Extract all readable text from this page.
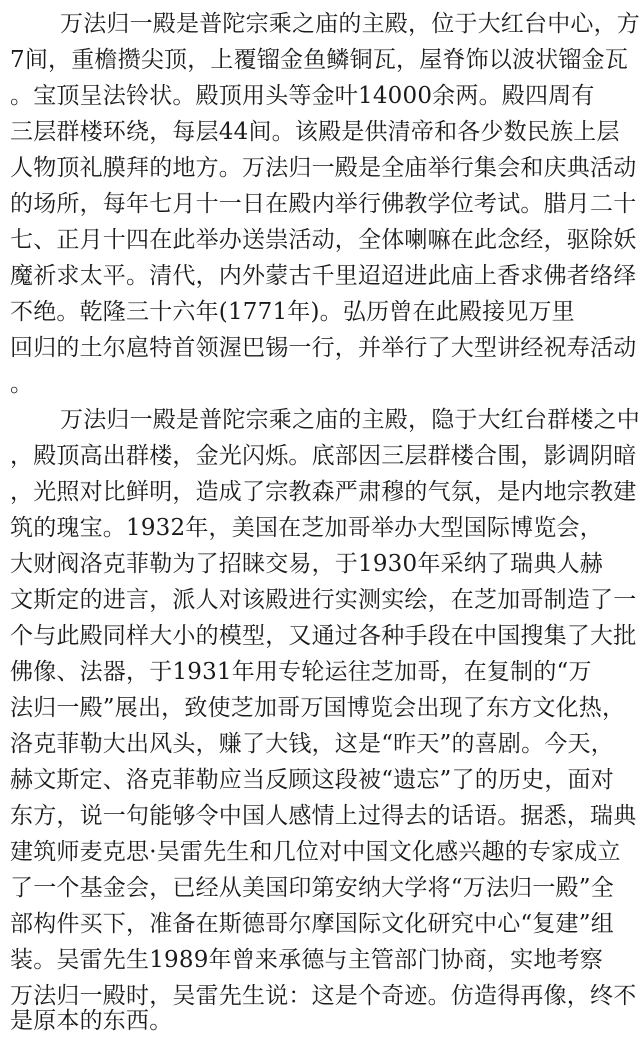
万法归一殿是普陀宗乘之庙的主殿，位于大红台中心，方
7间，重檐攒尖顶，上覆镏金鱼鳞铜瓦，屋脊饰以波状镏金瓦
。宝顶呈法铃状。殿顶用头等金叶14000余两。殿四周有
三层群楼环绕，每层44间。该殿是供清帝和各少数民族上层
人物顶礼膜拜的地方。万法归一殿是全庙举行集会和庆典活动
的场所，每年七月十一日在殿内举行佛教学位考试。腊月二十
七、正月十四在此举办送祟活动，全体喇嘛在此念经，驱除妖
魔祈求太平。清代，内外蒙古千里迢迢进此庙上香求佛者络绎
不绝。乾隆三十六年(1771年)。弘历曾在此殿接见万里
回归的土尔扈特首领渥巴锡一行，并举行了大型讲经祝寿活动
。
万法归一殿是普陀宗乘之庙的主殿，隐于大红台群楼之中
，殿顶高出群楼，金光闪烁。底部因三层群楼合围，影调阴暗
，光照对比鲜明，造成了宗教森严肃穆的气氛，是内地宗教建
筑的瑰宝。1932年，美国在芝加哥举办大型国际博览会，
大财阀洛克菲勒为了招睐交易，于1930年采纳了瑞典人赫
文斯定的进言，派人对该殿进行实测实绘，在芝加哥制造了一
个与此殿同样大小的模型，又通过各种手段在中国搜集了大批
佛像、法器，于1931年用专轮运往芝加哥，在复制的“万
法归一殿”展出，致使芝加哥万国博览会出现了东方文化热，
洛克菲勒大出风头，赚了大钱，这是“昨天”的喜剧。今天，
赫文斯定、洛克菲勒应当反顾这段被“遗忘”了的历史，面对
东方，说一句能够令中国人感情上过得去的话语。据悉，瑞典
建筑师麦克思·吴雷先生和几位对中国文化感兴趣的专家成立
了一个基金会，已经从美国印第安纳大学将“万法归一殿”全
部构件买下，准备在斯德哥尔摩国际文化研究中心“复建”组
装。吴雷先生1989年曾来承德与主管部门协商，实地考察
万法归一殿时，吴雷先生说：这是个奇迹。仿造得再像，终不
是原本的东西。
